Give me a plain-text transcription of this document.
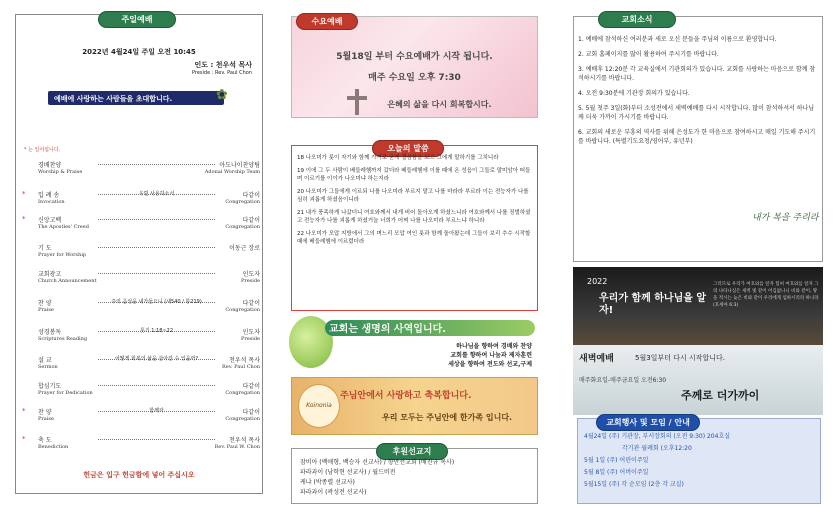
주일예배
2022년 4월24일 주일 오전 10:45
인도 : 천우석 목사
Preside : Rev. Paul Chon
예배에 사랑하는 사람들을 초대합니다.	✿
* 는 일어섭니다.
경배찬양
Worship & Praise
아도나이찬양팀
Adonai Worship Team
* 입 례 송
Invocation
우릴 사용하소서	다같이
Congregation
* 신앙고백
The Apostles' Creed
다같이
Congregation
기 도
Prayer for Worship
이동근 장로
교회광고
Church Announcement
인도자
Preside
찬 양
Praise
주의 음성을 내가들으니 (새540 / 통219)	다같이
Congregation
성경봉독
Scriptures Reading
롯기 1:18~22	인도자
Preside
설 교
Sermon
어떻게 회복의 삶을 살아갈 수 있을까?	천우석 목사
Rev. Paul Chon
합심기도
Prayer for Dedication
다같이
Congregation
* 찬 양
Praise
함께자	다같이
Congregation
* 축 도
Benediction
천우석 목사
Rev. Paul W. Chon
헌금은 입구 헌금함에 넣어 주십시오
수요예배
5월18일 부터 수요예배가 시작 됩니다.
매주 수요일 오후 7:30
은혜의 삶을 다시 회복합시다.
오늘의 말씀

18 나오미가 룻이 자기와 함께 가기로 굳게 결심함을 보고 그에게 말하기를 그치니라

19 이에 그 두 사람이 베들레헴까지 갔더라 베들레헴에 이를 때에 온 성읍이 그들로 말미암아 떠들며 이르기를 이이가 나오미냐 하는지라

20 나오미가 그들에게 이르되 나를 나오미라 부르지 말고 나를 마라라 부르라 이는 전능자가 나를 심히 괴롭게 하셨음이니라

21 내가 풍족하게 나갔더니 여호와께서 내게 비어 돌아오게 하셨느니라 여호와께서 나를 징벌하셨고 전능자가 나를 괴롭게 하셨거늘 너희가 어찌 나를 나오미라 부르느냐 하니라

22 나오미가 모압 지방에서 그의 며느리 모압 여인 룻과 함께 돌아왔는데 그들이 보리 추수 시작할 때에 베들레헴에 이르렀더라

교회는 생명의 사역입니다.
하나님을 향하여 경배와 찬양
교회를 향하여 나눔과 제자훈련
세상을 향하여 전도와 선교,구제
Koinonia
주님안에서 사랑하고 축복합니다.
우리 모두는 주님안에 한가족 입니다.
후원선교지
잠비아 (백애형, 백승자 선교사) / 향만선교회 (배진규 목사)
파라과이 (남학현 선교사) / 월드비전
케냐 (박종렬 선교사)
파라과이 (곽성전 선교사)
교회소식

1. 예배에 참석하신 여러분과 새로 오신 분들을 주님의 이름으로 환영합니다.

2. 교회 홈페이지를 많이 활용하여 주시기를 바랍니다.

3. 예배후 12:20분 각 교육실에서 기관회의가 있습니다. 교회를 사랑하는 마음으로 함께 참석하시기를 바랍니다.

4. 오전 9:30분에 기관장 회의가 있습니다.

5. 5월 첫주 3일(화)부터 소성전에서 새벽예배를 다시 시작합니다. 많이 참석하셔서 하나님께 더욱 가까이 가시기를 바랍니다.

6. 교회의 새로운 부흥의 역사를 위해 은성도가 한 마음으로 참여하시고 매일 기도해 주시기를 바랍니다. (특별기도요청/영어부, 유년부)

내가 복을 주리라
2022
우리가 함께 하나님을 알자!
그러므로 우리가 여호와를 알자 힘써 여호와를 알자 그의 나타나심은 새벽 빛 같이 어김없나니 비와 같이, 땅을 적시는 늦은 비와 같이 우리에게 임하시리라 하니라 (호세아 6:3)
새벽예배	5월3일부터 다시 시작합니다.
매주화요일-매주금요일 오전6:30
주께로 더가까이
교회행사 및 모임 / 안내
4월24일 (주) 기관장, 부서장회의 (오전 9:30) 204호실
각기관 월례회 (오후12:20
5월 1일 (주) 어린이주일
5월 8일 (주) 어버이주일
5월15일 (주) 각 순모임 (2층 각 교실)
